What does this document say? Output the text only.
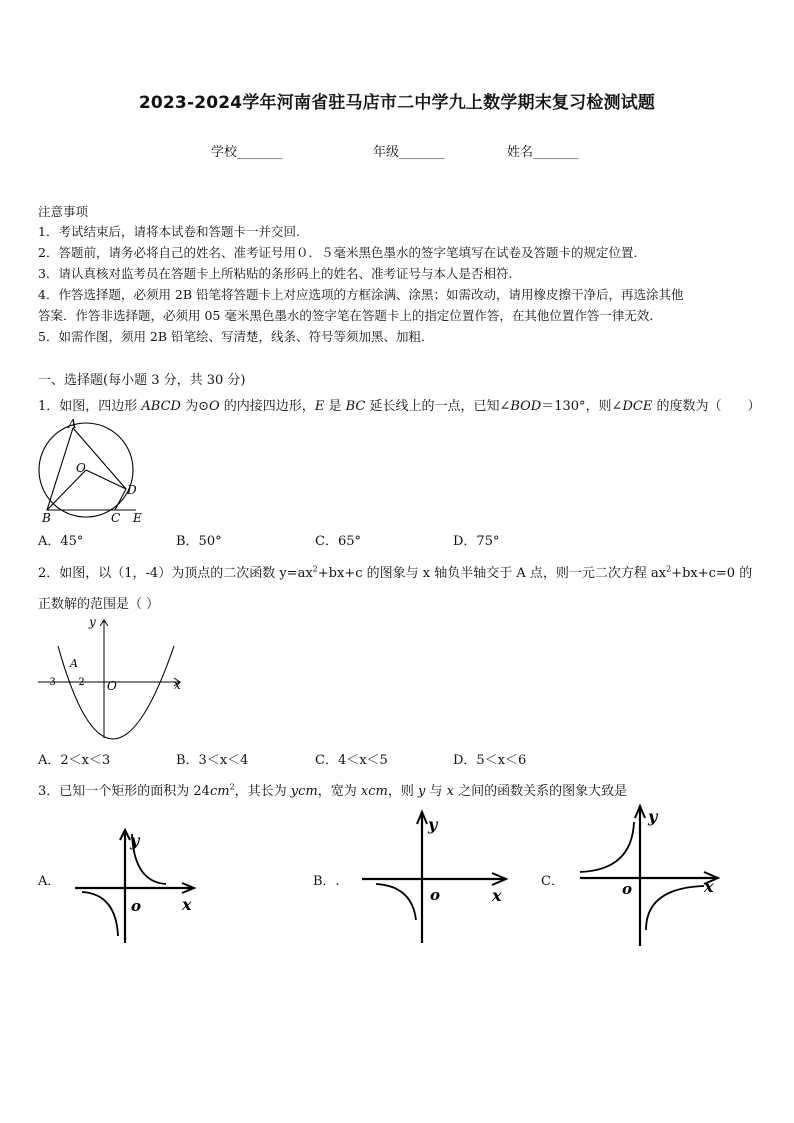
2023-2024学年河南省驻马店市二中学九上数学期末复习检测试题
学校_______	年级_______	姓名_______
注意事项
1．考试结束后，请将本试卷和答题卡一并交回.
2．答题前，请务必将自己的姓名、准考证号用０．５毫米黑色墨水的签字笔填写在试卷及答题卡的规定位置.
3．请认真核对监考员在答题卡上所粘贴的条形码上的姓名、准考证号与本人是否相符.
4．作答选择题，必须用 2B 铅笔将答题卡上对应选项的方框涂满、涂黑；如需改动，请用橡皮擦干净后，再选涂其他
答案．作答非选择题，必须用 05 毫米黑色墨水的签字笔在答题卡上的指定位置作答，在其他位置作答一律无效．
5．如需作图，须用 2B 铅笔绘、写清楚，线条、符号等须加黑、加粗．
一、选择题(每小题 3 分，共 30 分)
1．如图，四边形 ABCD 为⊙O 的内接四边形，E 是 BC 延长线上的一点，已知∠BOD＝130°，则∠DCE 的度数为（　　）
A
O
D
B	C E
A．45°	B．50°	C．65°	D．75°
2．如图，以（1，-4）为顶点的二次函数 $y=ax^2+bx+c$ 的图象与 x 轴负半轴交于 A 点，则一元二次方程 $ax^2+bx+c=0$ 的
正数解的范围是（ ）
y
x
A
O
-3 -2
A．2＜x＜3	B．3＜x＜4	C．4＜x＜5	D．5＜x＜6
3．已知一个矩形的面积为 $24cm^2$，其长为 ycm，宽为 xcm，则 y 与 x 之间的函数关系的图象大致是
A．
y
o	x
B．.
y
o	x
C．
y
o	x
